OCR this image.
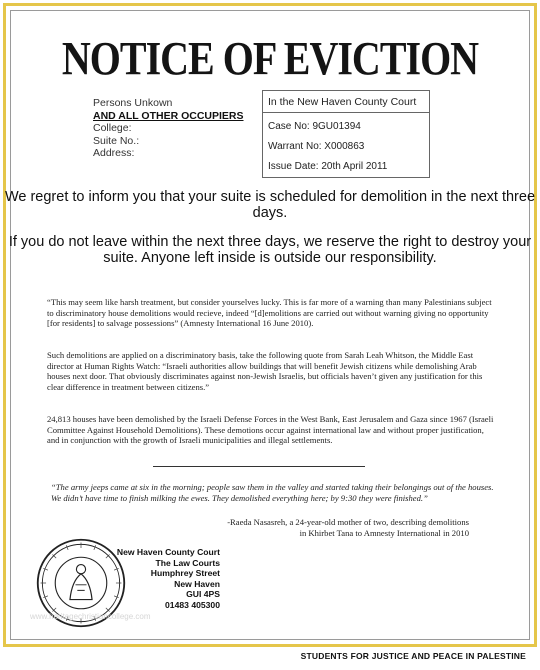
NOTICE OF EVICTION
Persons Unkown
AND ALL OTHER OCCUPIERS
College:
Suite No.:
Address:
In the New Haven County Court
Case No: 9GU01394
Warrant No: X000863
Issue Date: 20th April 2011
We regret to inform you that your suite is scheduled for demolition in the next three days.
If you do not leave within the next three days, we reserve the right to destroy your suite. Anyone left inside is outside our responsibility.
“This may seem like harsh treatment, but consider yourselves lucky. This is far more of a warning than many Palestinians subject to discriminatory house demolitions would recieve, indeed “[d]emolitions are carried out without warning giving no opportunity [for residents] to salvage possessions” (Amnesty International 16 June 2010).
Such demolitions are applied on a discriminatory basis, take the following quote from Sarah Leah Whitson, the Middle East director at Human Rights Watch: “Israeli authorities allow buildings that will benefit Jewish citizens while demolishing Arab houses next door. That obviously discriminates against non-Jewish Israelis, but officials haven’t given any justification for this clear difference in treatment between citizens.”
24,813 houses have been demolished by the Israeli Defense Forces in the West Bank, East Jerusalem and Gaza since 1967 (Israeli Committee Against Household Demolitions). These demotions occur against international law and without proper justification, and in conjunction with the growth of Israeli municipalities and illegal settlements.
“The army jeeps came at six in the morning; people saw them in the valley and started taking their belongings out of the houses. We didn’t have time to finish milking the ewes. They demolished everything here; by 9:30 they were finished.”
-Raeda Nasasreh, a 24-year-old mother of two, describing demolitions
in Khirbet Tana to Amnesty International in 2010
New Haven County Court
The Law Courts
Humphrey Street
New Haven
GUI 4PS
01483 405300
www.heritagechristiancollege.com
STUDENTS FOR JUSTICE AND PEACE IN PALESTINE
